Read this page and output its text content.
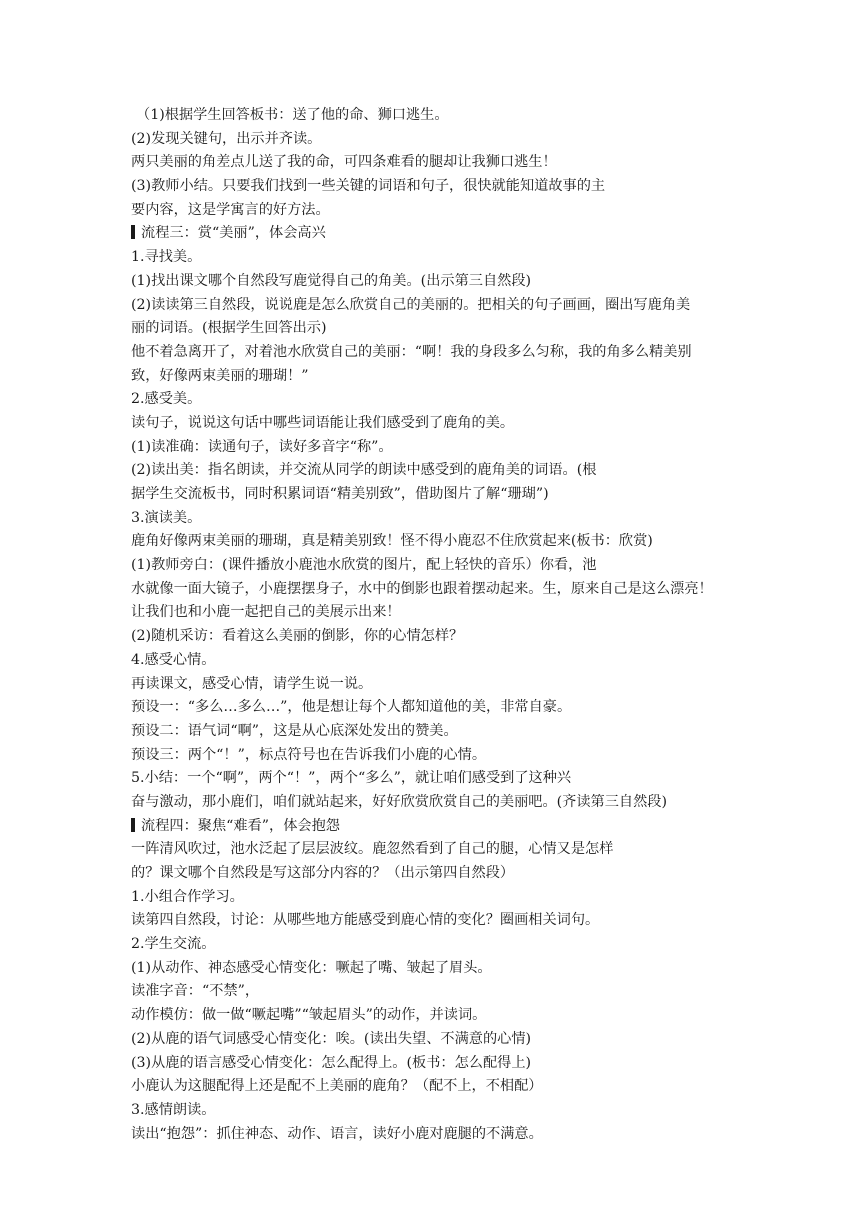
（1)根据学生回答板书：送了他的命、狮口逃生。
(2)发现关键句，出示并齐读。
两只美丽的角差点儿送了我的命，可四条难看的腿却让我狮口逃生！
(3)教师小结。只要我们找到一些关键的词语和句子，很快就能知道故事的主
要内容，这是学寓言的好方法。
流程三：赏“美丽”，体会高兴
1.寻找美。
(1)找出课文哪个自然段写鹿觉得自己的角美。(出示第三自然段)
(2)读读第三自然段，说说鹿是怎么欣赏自己的美丽的。把相关的句子画画，圈出写鹿角美
丽的词语。(根据学生回答出示)
他不着急离开了，对着池水欣赏自己的美丽：“啊！我的身段多么匀称，我的角多么精美别
致，好像两束美丽的珊瑚！”
2.感受美。
读句子，说说这句话中哪些词语能让我们感受到了鹿角的美。
(1)读准确：读通句子，读好多音字“称”。
(2)读出美：指名朗读，并交流从同学的朗读中感受到的鹿角美的词语。(根
据学生交流板书，同时积累词语“精美别致”，借助图片了解“珊瑚”)
3.演读美。
鹿角好像两束美丽的珊瑚，真是精美别致！怪不得小鹿忍不住欣赏起来(板书：欣赏)
(1)教师旁白：(课件播放小鹿池水欣赏的图片，配上轻快的音乐）你看，池
水就像一面大镜子，小鹿摆摆身子，水中的倒影也跟着摆动起来。生，原来自己是这么漂亮！
让我们也和小鹿一起把自己的美展示出来！
(2)随机采访：看着这么美丽的倒影，你的心情怎样？
4.感受心情。
再读课文，感受心情，请学生说一说。
预设一：“多么…多么…”，他是想让每个人都知道他的美，非常自豪。
预设二：语气词“啊”，这是从心底深处发出的赞美。
预设三：两个“！”，标点符号也在告诉我们小鹿的心情。
5.小结：一个“啊”，两个“！”，两个“多么”，就让咱们感受到了这种兴
奋与激动，那小鹿们，咱们就站起来，好好欣赏欣赏自己的美丽吧。(齐读第三自然段)
流程四：聚焦“难看”，体会抱怨
一阵清风吹过，池水泛起了层层波纹。鹿忽然看到了自己的腿，心情又是怎样
的？课文哪个自然段是写这部分内容的？（出示第四自然段）
1.小组合作学习。
读第四自然段，讨论：从哪些地方能感受到鹿心情的变化？圈画相关词句。
2.学生交流。
(1)从动作、神态感受心情变化：噘起了嘴、皱起了眉头。
读准字音：“不禁”，
动作模仿：做一做“噘起嘴”“皱起眉头”的动作，并读词。
(2)从鹿的语气词感受心情变化：唉。(读出失望、不满意的心情)
(3)从鹿的语言感受心情变化：怎么配得上。(板书：怎么配得上)
小鹿认为这腿配得上还是配不上美丽的鹿角？（配不上，不相配）
3.感情朗读。
读出“抱怨”：抓住神态、动作、语言，读好小鹿对鹿腿的不满意。
